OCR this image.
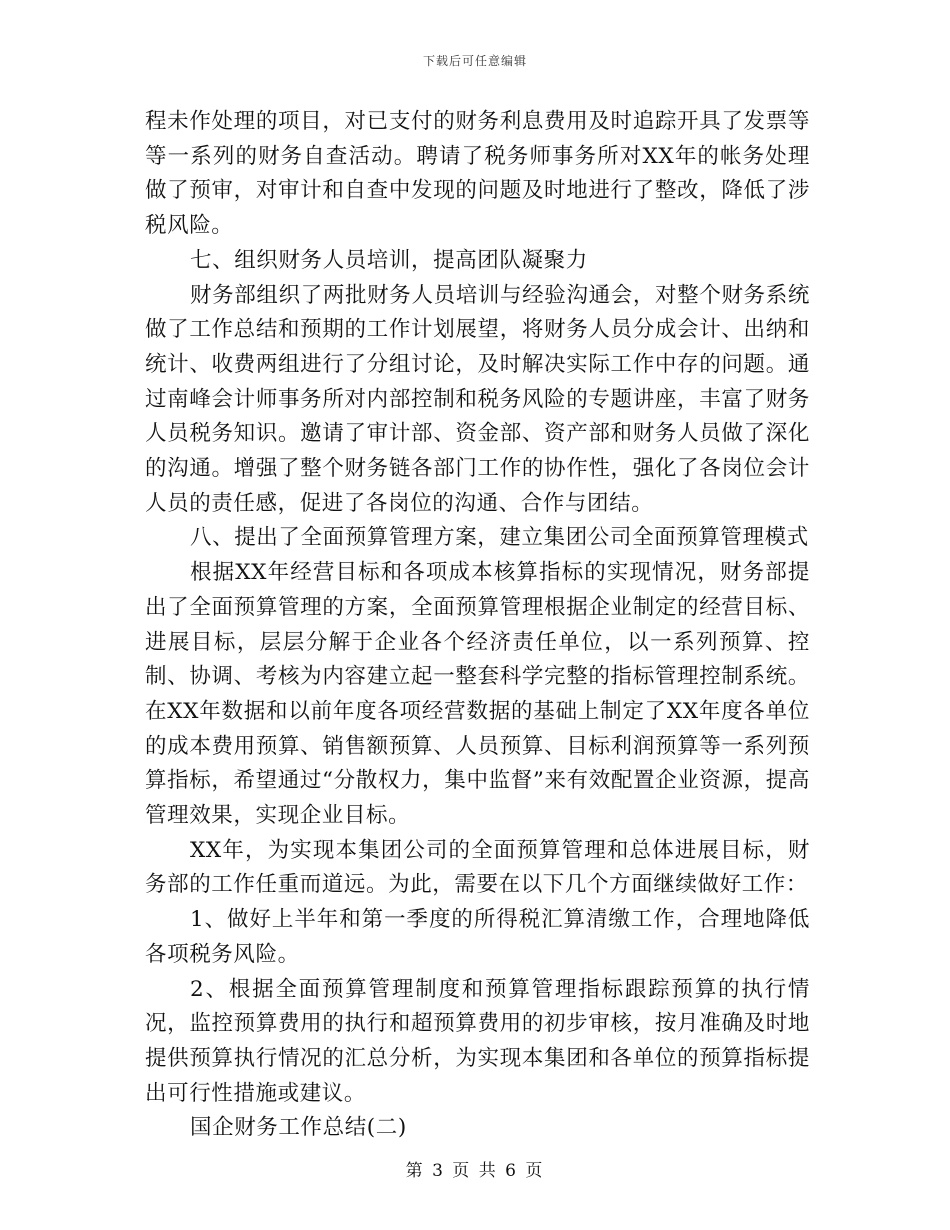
下载后可任意编辑

程未作处理的项目，对已支付的财务利息费用及时追踪开具了发票等等一系列的财务自查活动。聘请了税务师事务所对XX年的帐务处理做了预审，对审计和自查中发现的问题及时地进行了整改，降低了涉税风险。

七、组织财务人员培训，提高团队凝聚力

财务部组织了两批财务人员培训与经验沟通会，对整个财务系统做了工作总结和预期的工作计划展望，将财务人员分成会计、出纳和统计、收费两组进行了分组讨论，及时解决实际工作中存的问题。通过南峰会计师事务所对内部控制和税务风险的专题讲座，丰富了财务人员税务知识。邀请了审计部、资金部、资产部和财务人员做了深化的沟通。增强了整个财务链各部门工作的协作性，强化了各岗位会计人员的责任感，促进了各岗位的沟通、合作与团结。

八、提出了全面预算管理方案，建立集团公司全面预算管理模式

根据XX年经营目标和各项成本核算指标的实现情况，财务部提出了全面预算管理的方案，全面预算管理根据企业制定的经营目标、进展目标，层层分解于企业各个经济责任单位，以一系列预算、控制、协调、考核为内容建立起一整套科学完整的指标管理控制系统。在XX年数据和以前年度各项经营数据的基础上制定了XX年度各单位的成本费用预算、销售额预算、人员预算、目标利润预算等一系列预算指标，希望通过“分散权力，集中监督”来有效配置企业资源，提高管理效果，实现企业目标。

XX年，为实现本集团公司的全面预算管理和总体进展目标，财务部的工作任重而道远。为此，需要在以下几个方面继续做好工作：

1、做好上半年和第一季度的所得税汇算清缴工作，合理地降低各项税务风险。

2、根据全面预算管理制度和预算管理指标跟踪预算的执行情况，监控预算费用的执行和超预算费用的初步审核，按月准确及时地提供预算执行情况的汇总分析，为实现本集团和各单位的预算指标提出可行性措施或建议。

国企财务工作总结(二)

第 3 页 共 6 页
